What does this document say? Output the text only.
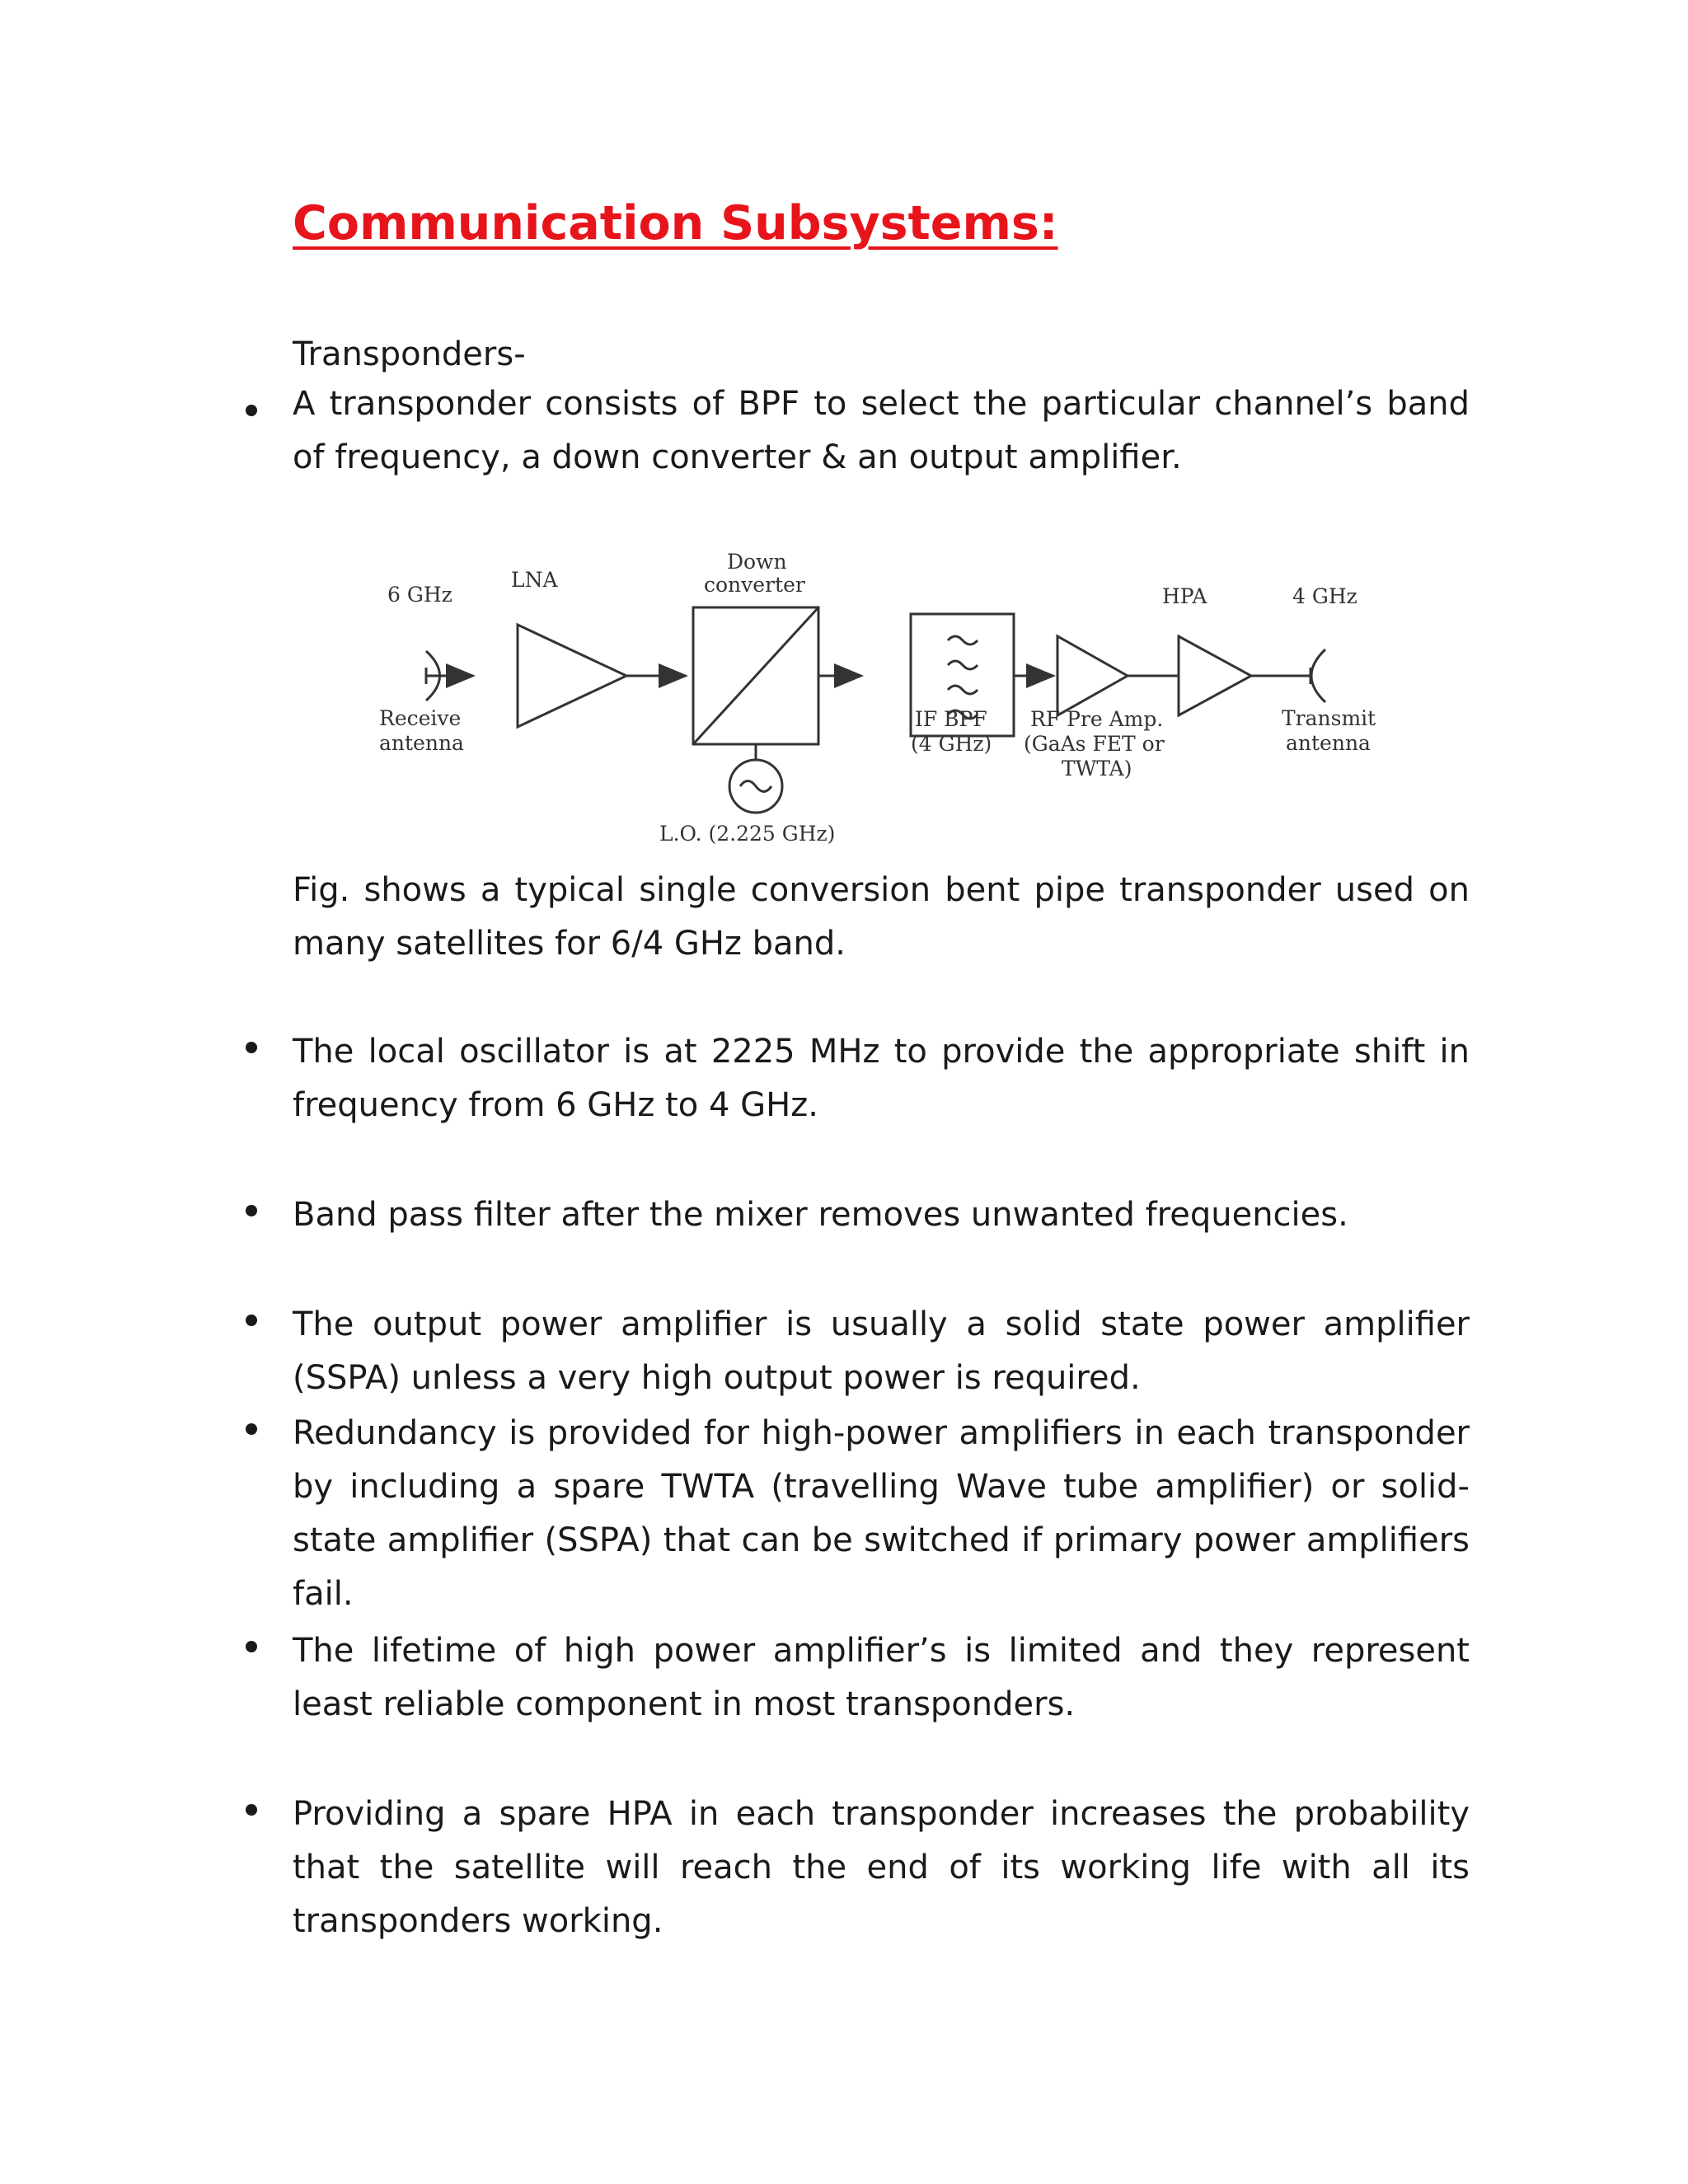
Communication Subsystems:
Transponders-
A transponder consists of BPF to select the particular channel’s band of frequency, a down converter & an output amplifier.
6 GHz
Receive
antenna
LNA
Down
converter
L.O. (2.225 GHz)
IF BPF
(4 GHz)
RF Pre Amp.
(GaAs FET or
TWTA)
HPA	4 GHz
Transmit
antenna
Fig. shows a typical single conversion bent pipe transponder used on many satellites for 6/4 GHz band.
The local oscillator is at 2225 MHz to provide the appropriate shift in frequency from 6 GHz to 4 GHz.
Band pass filter after the mixer removes unwanted frequencies.
The output power amplifier is usually a solid state power amplifier (SSPA) unless a very high output power is required.
Redundancy is provided for high-power amplifiers in each transponder by including a spare TWTA (travelling Wave tube amplifier) or solid-state amplifier (SSPA) that can be switched if primary power amplifiers fail.
The lifetime of high power amplifier’s is limited and they represent least reliable component in most transponders.
Providing a spare HPA in each transponder increases the probability that the satellite will reach the end of its working life with all its transponders working.
